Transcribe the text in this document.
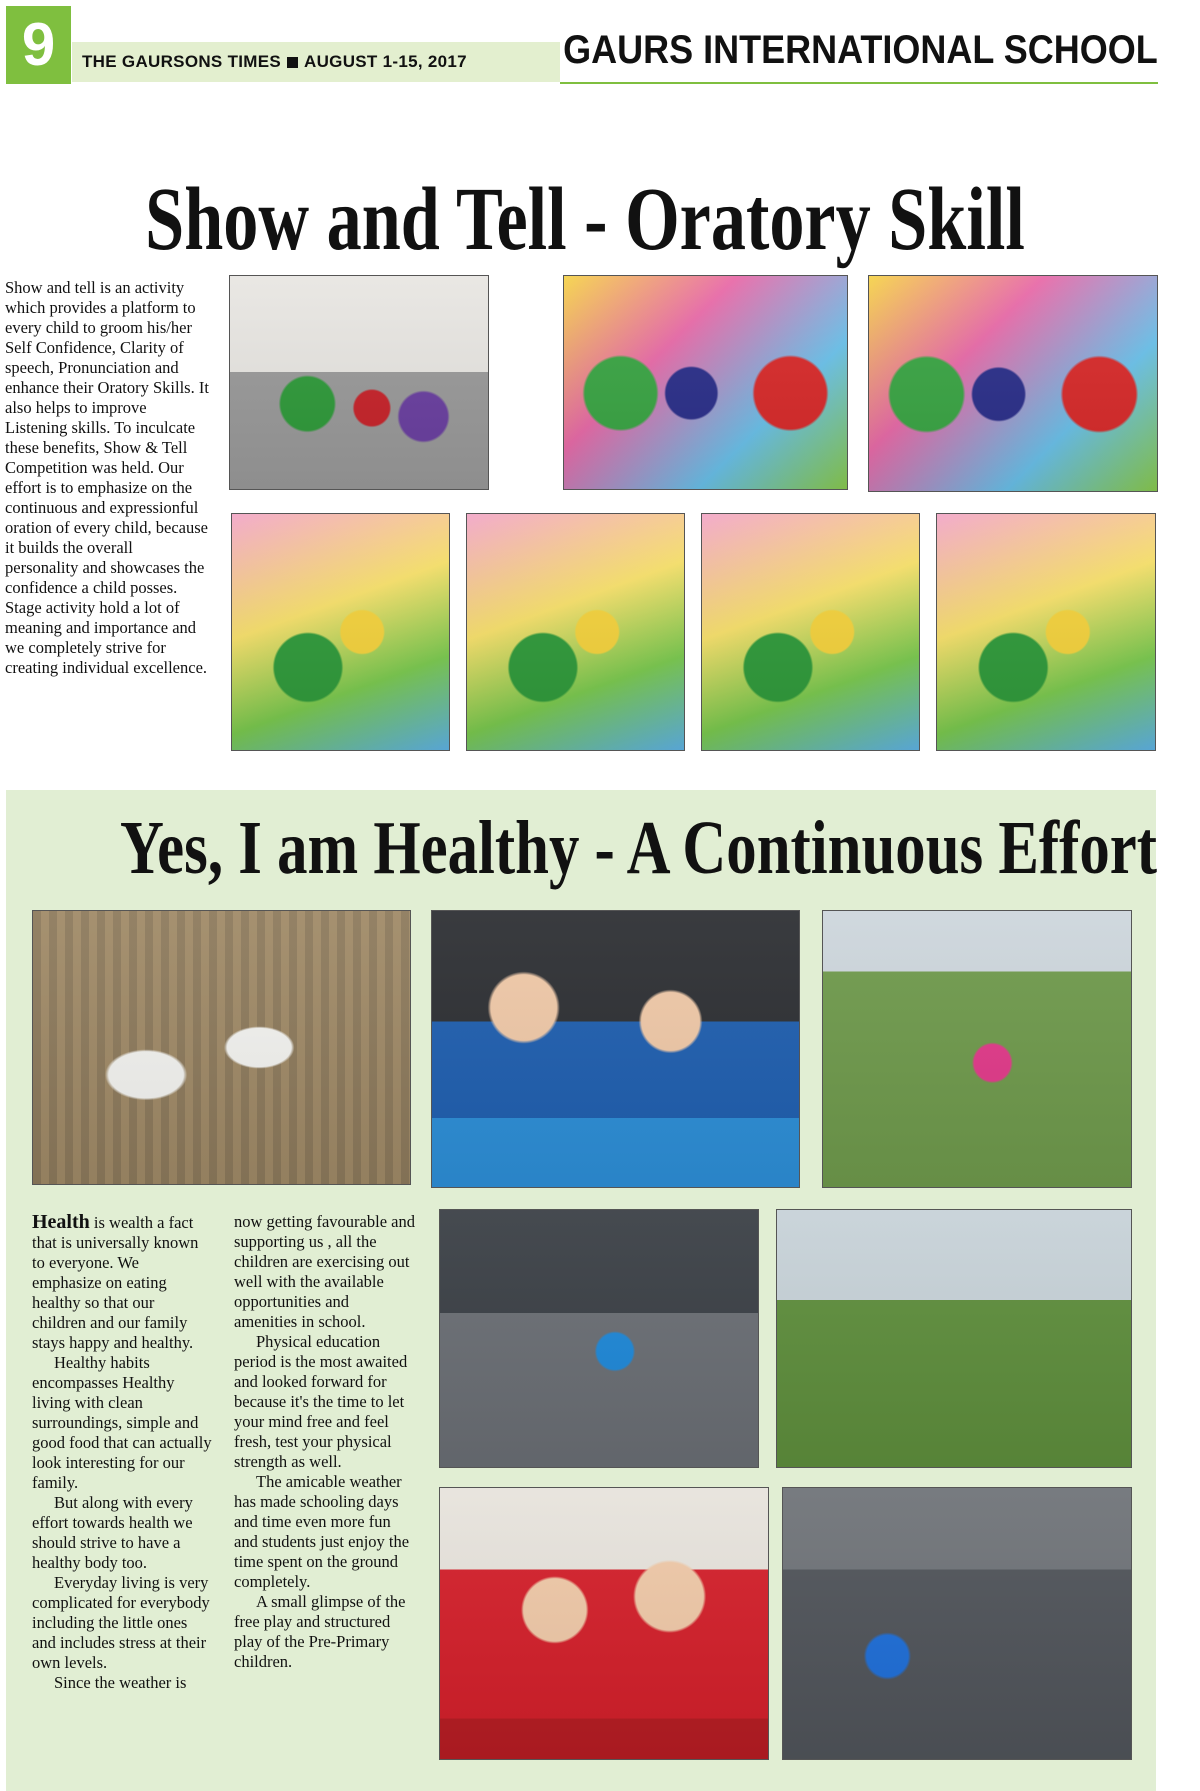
9	THE GAURSONS TIMES AUGUST 1-15, 2017 GAURS INTERNATIONAL SCHOOL
Show and Tell - Oratory Skill
Show and tell is an activity which provides a platform to every child to groom his/her Self Confidence, Clarity of speech, Pronunciation and enhance their Oratory Skills. It also helps to improve Listening skills. To inculcate these benefits, Show & Tell Competition was held. Our effort is to emphasize on the continuous and expressionful oration of every child, because it builds the overall personality and showcases the confidence a child posses. Stage activity hold a lot of meaning and importance and we completely strive for creating individual excellence.
Yes, I am Healthy - A Continuous Effort

Health is wealth a fact that is universally known to everyone. We emphasize on eating healthy so that our children and our family stays happy and healthy.

Healthy habits encompasses Healthy living with clean surroundings, simple and good food that can actually look interesting for our family.

But along with every effort towards health we should strive to have a healthy body too.

Everyday living is very complicated for everybody including the little ones and includes stress at their own levels.

Since the weather is

now getting favourable and supporting us , all the children are exercising out well with the available opportunities and amenities in school.

Physical education period is the most awaited and looked forward for because it's the time to let your mind free and feel fresh, test your physical strength as well.

The amicable weather has made schooling days and time even more fun and students just enjoy the time spent on the ground completely.

A small glimpse of the free play and structured play of the Pre-Primary children.
